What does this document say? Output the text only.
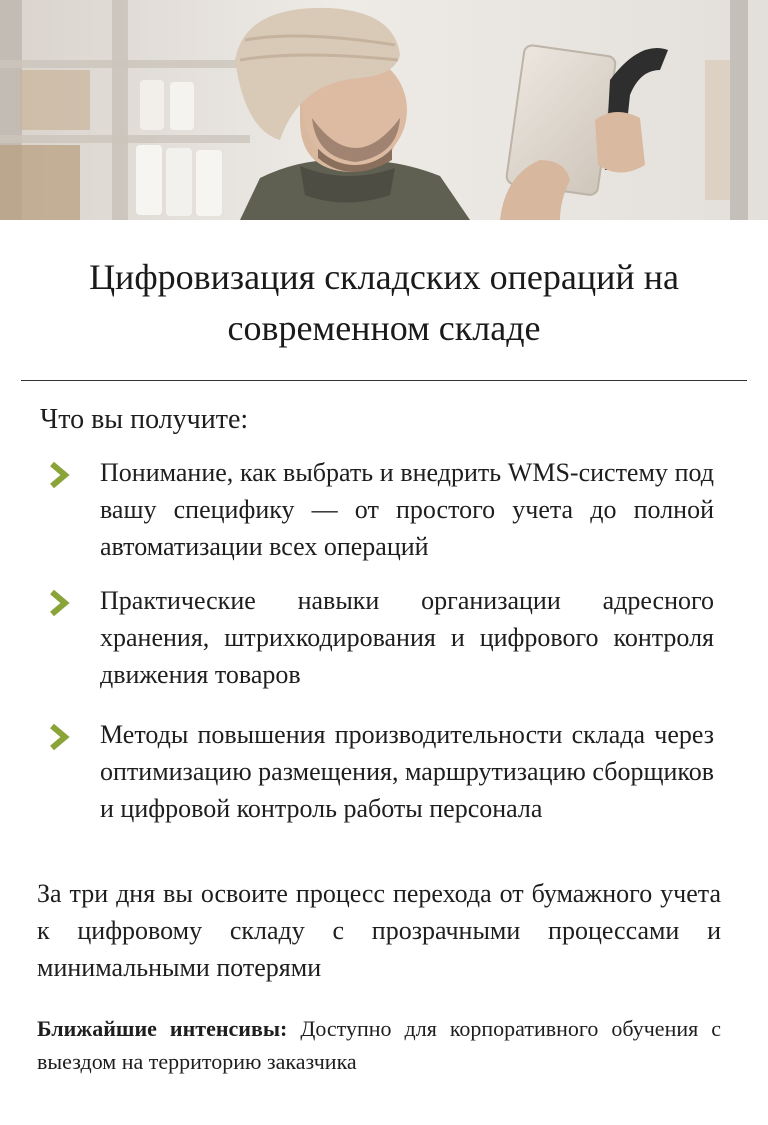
Цифровизация складских операций на современном складе
Что вы получите:
Понимание, как выбрать и внедрить WMS-систему под вашу специфику — от простого учета до полной автоматизации всех операций
Практические навыки организации адресного хранения, штрихкодирования и цифрового контроля движения товаров
Методы повышения производительности склада через оптимизацию размещения, маршрутизацию сборщиков и цифровой контроль работы персонала

За три дня вы освоите процесс перехода от бумажного учета к цифровому складу с прозрачными процессами и минимальными потерями

Ближайшие интенсивы: Доступно для корпоративного обучения с выездом на территорию заказчика
